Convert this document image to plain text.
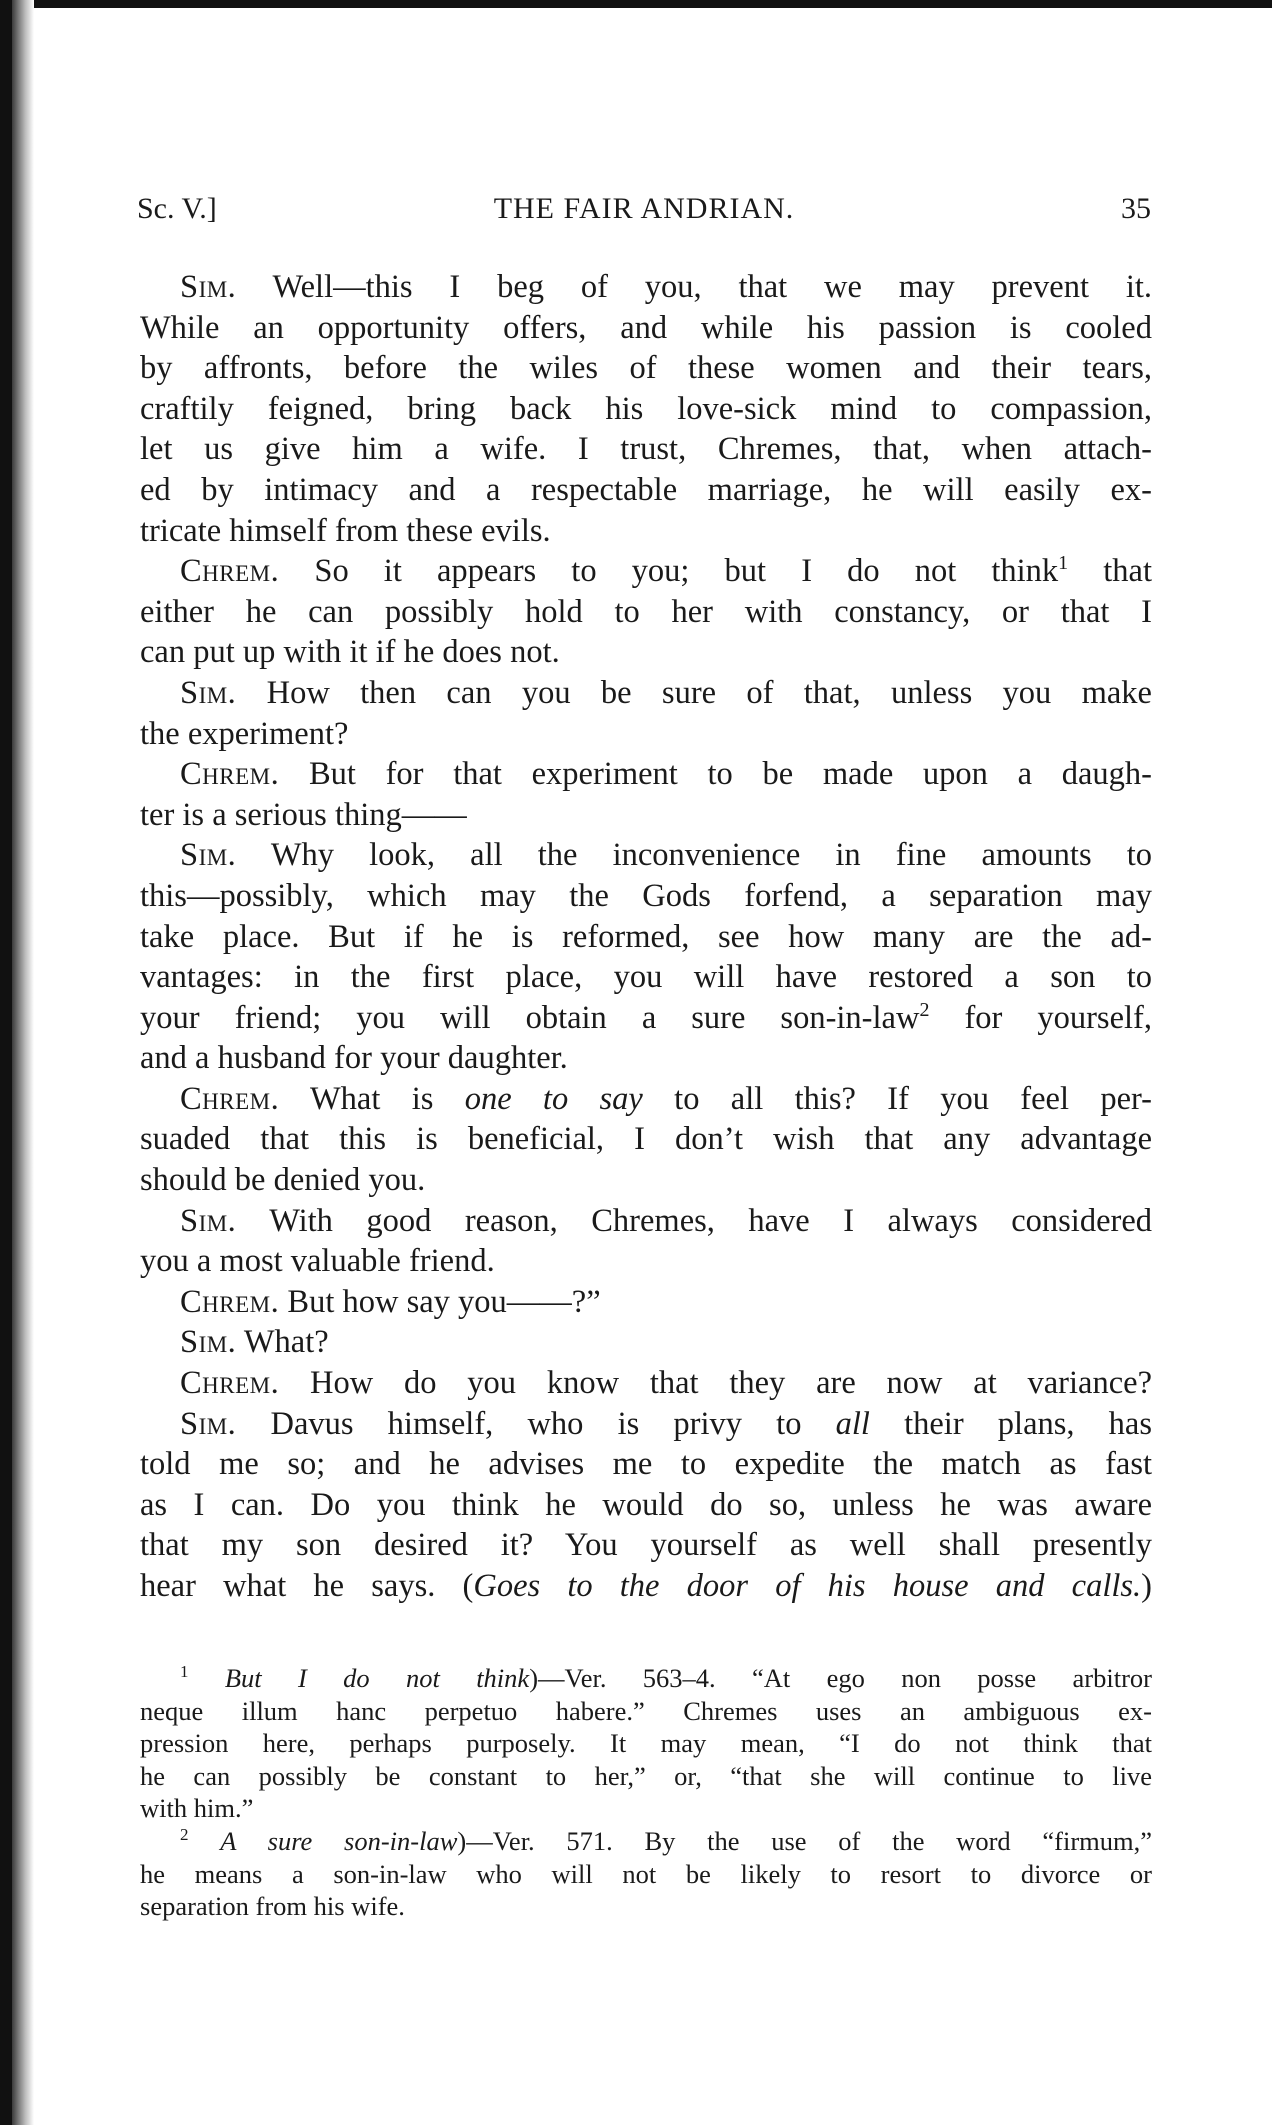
Sc. V.]	THE FAIR ANDRIAN.	35
Sim. Well—this I beg of you, that we may prevent it.
While an opportunity offers, and while his passion is cooled
by affronts, before the wiles of these women and their tears,
craftily feigned, bring back his love-sick mind to compassion,
let us give him a wife. I trust, Chremes, that, when attach-
ed by intimacy and a respectable marriage, he will easily ex-
tricate himself from these evils.
Chrem. So it appears to you; but I do not think$^1$ that
either he can possibly hold to her with constancy, or that I
can put up with it if he does not.
Sim. How then can you be sure of that, unless you make
the experiment?
Chrem. But for that experiment to be made upon a daugh-
ter is a serious thing——
Sim. Why look, all the inconvenience in fine amounts to
this—possibly, which may the Gods forfend, a separation may
take place. But if he is reformed, see how many are the ad-
vantages: in the first place, you will have restored a son to
your friend; you will obtain a sure son-in-law$^2$ for yourself,
and a husband for your daughter.
Chrem. What is one to say to all this? If you feel per-
suaded that this is beneficial, I don’t wish that any advantage
should be denied you.
Sim. With good reason, Chremes, have I always considered
you a most valuable friend.
Chrem. But how say you——?”
Sim. What?
Chrem. How do you know that they are now at variance?
Sim. Davus himself, who is privy to all their plans, has
told me so; and he advises me to expedite the match as fast
as I can. Do you think he would do so, unless he was aware
that my son desired it? You yourself as well shall presently
hear what he says. (Goes to the door of his house and calls.)
$^1$ But I do not think)—Ver. 563–4. “At ego non posse arbitror
neque illum hanc perpetuo habere.” Chremes uses an ambiguous ex-
pression here, perhaps purposely. It may mean, “I do not think that
he can possibly be constant to her,” or, “that she will continue to live
with him.”
$^2$ A sure son-in-law)—Ver. 571. By the use of the word “firmum,”
he means a son-in-law who will not be likely to resort to divorce or
separation from his wife.
